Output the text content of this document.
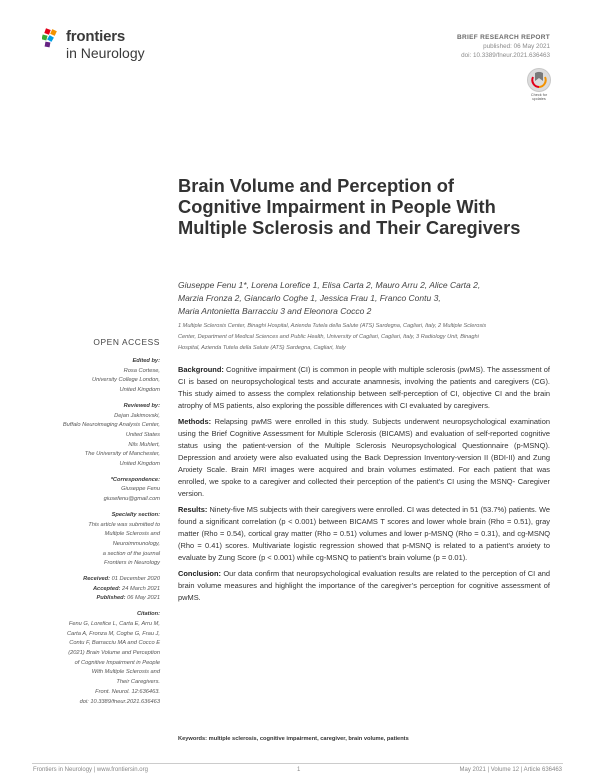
frontiers
in Neurology
BRIEF RESEARCH REPORT
published: 06 May 2021
doi: 10.3389/fneur.2021.636463
Check for
updates
Brain Volume and Perception of Cognitive Impairment in People With Multiple Sclerosis and Their Caregivers
Giuseppe Fenu 1*, Lorena Lorefice 1, Elisa Carta 2, Mauro Arru 2, Alice Carta 2,
Marzia Fronza 2, Giancarlo Coghe 1, Jessica Frau 1, Franco Contu 3,
Maria Antonietta Barracciu 3 and Eleonora Cocco 2
1 Multiple Sclerosis Center, Binaghi Hospital, Azienda Tutela della Salute (ATS) Sardegna, Cagliari, Italy, 2 Multiple Sclerosis
Center, Department of Medical Sciences and Public Health, University of Cagliari, Cagliari, Italy, 3 Radiology Unit, Binaghi
Hospital, Azienda Tutela della Salute (ATS) Sardegna, Cagliari, Italy
OPEN ACCESS
Edited by:
Rosa Cortese,
University College London,
United Kingdom
Reviewed by:
Dejan Jakimovski,
Buffalo Neuroimaging Analysis Center,
United States
Nils Muhlert,
The University of Manchester,
United Kingdom
*Correspondence:
Giuseppe Fenu
giusefenu@gmail.com
Specialty section:
This article was submitted to
Multiple Sclerosis and
Neuroimmunology,
a section of the journal
Frontiers in Neurology
Received: 01 December 2020
Accepted: 24 March 2021
Published: 06 May 2021
Citation:
Fenu G, Lorefice L, Carta E, Arru M,
Carta A, Fronza M, Coghe G, Frau J,
Contu F, Barracciu MA and Cocco E
(2021) Brain Volume and Perception
of Cognitive Impairment in People
With Multiple Sclerosis and
Their Caregivers.
Front. Neurol. 12:636463.
doi: 10.3389/fneur.2021.636463

Background: Cognitive impairment (CI) is common in people with multiple sclerosis (pwMS). The assessment of CI is based on neuropsychological tests and accurate anamnesis, involving the patients and caregivers (CG). This study aimed to assess the complex relationship between self-perception of CI, objective CI and the brain atrophy of MS patients, also exploring the possible differences with CI evaluated by caregivers.

Methods: Relapsing pwMS were enrolled in this study. Subjects underwent neuropsychological examination using the Brief Cognitive Assessment for Multiple Sclerosis (BICAMS) and evaluation of self-reported cognitive status using the patient-version of the Multiple Sclerosis Neuropsychological Questionnaire (p-MSNQ). Depression and anxiety were also evaluated using the Back Depression Inventory-version II (BDI-II) and Zung Anxiety Scale. Brain MRI images were acquired and brain volumes estimated. For each patient that was enrolled, we spoke to a caregiver and collected their perception of the patient’s CI using the MSNQ- Caregiver version.

Results: Ninety-five MS subjects with their caregivers were enrolled. CI was detected in 51 (53.7%) patients. We found a significant correlation (p < 0.001) between BICAMS T scores and lower whole brain (Rho = 0.51), gray matter (Rho = 0.54), cortical gray matter (Rho = 0.51) volumes and lower p-MSNQ (Rho = 0.31), and cg-MSNQ (Rho = 0.41) scores. Multivariate logistic regression showed that p-MSNQ is related to a patient’s anxiety to evaluate by Zung Score (p < 0.001) while cg-MSNQ to patient’s brain volume (p = 0.01).

Conclusion: Our data confirm that neuropsychological evaluation results are related to the perception of CI and brain volume measures and highlight the importance of the caregiver’s perception for cognitive assessment of pwMS.

Keywords: multiple sclerosis, cognitive impairment, caregiver, brain volume, patients
Frontiers in Neurology | www.frontiersin.org	1	May 2021 | Volume 12 | Article 636463
